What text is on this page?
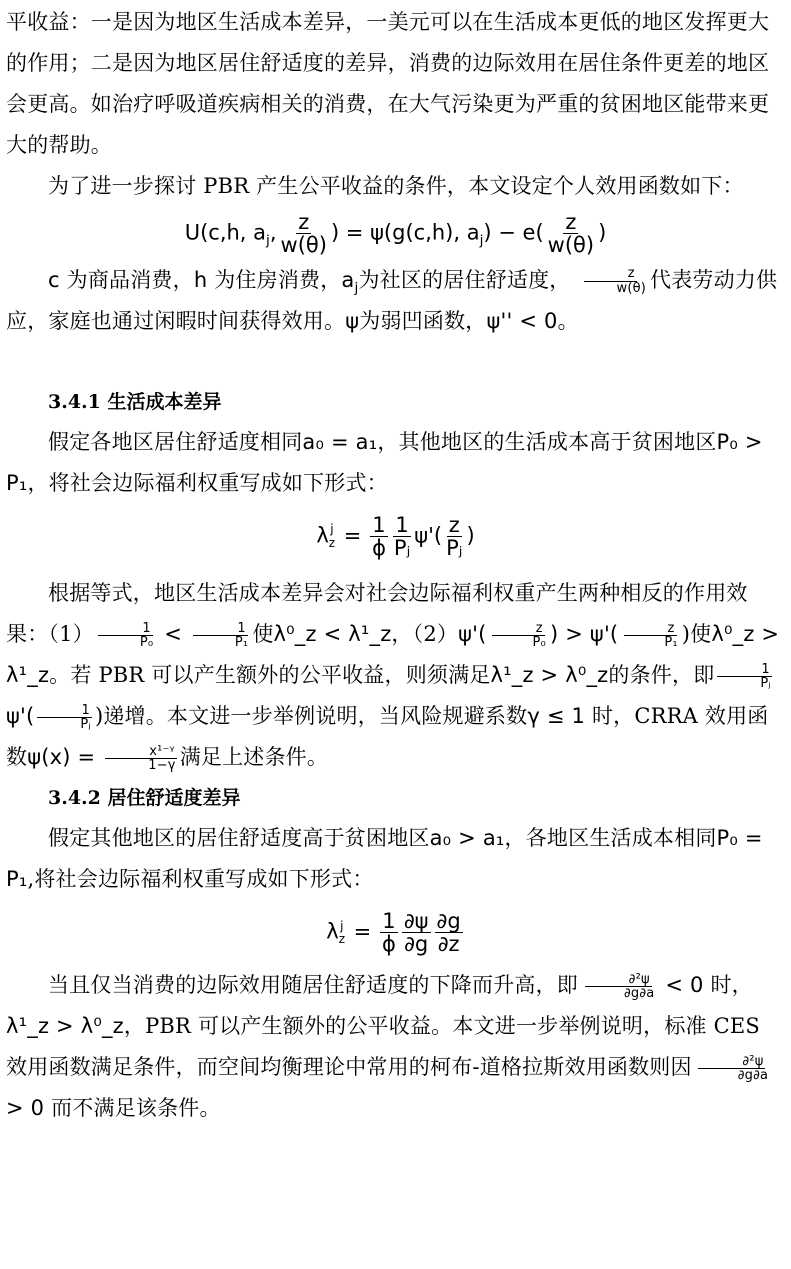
平收益：一是因为地区生活成本差异，一美元可以在生活成本更低的地区发挥更大的作用；二是因为地区居住舒适度的差异，消费的边际效用在居住条件更差的地区会更高。如治疗呼吸道疾病相关的消费，在大气污染更为严重的贫困地区能带来更大的帮助。

为了进一步探讨 PBR 产生公平收益的条件，本文设定个人效用函数如下：

U(c,h, $a_j$, $\frac{z}{w(\theta)}$ ) = ψ(g(c,h), $a_j) - e( \frac{z}{w(\theta)}$ )

c 为商品消费，h 为住房消费，$a_j$为社区的居住舒适度， $\frac{z}{w(\theta)}$ 代表劳动力供应，家庭也通过闲暇时间获得效用。ψ为弱凹函数，ψ'' < 0。

3.4.1 生活成本差异

假定各地区居住舒适度相同a₀ = a₁，其他地区的生活成本高于贫困地区P₀ > P₁，将社会边际福利权重写成如下形式：

λ j
$z = \frac{1}{\phi} \frac{1}{\text{Pⱼ}} \psi'( \frac{z}{\text{Pⱼ}}$ )

根据等式，地区生活成本差异会对社会边际福利权重产生两种相反的作用效果：$(1) \frac{1}{\text{P₀}} < \frac{1}{\text{P₁}}$ 使λ⁰_z < λ¹_z，$(2)\psi'( \frac{z}{\text{P₀}}$ ) > $\psi'( \frac{z}{\text{P₁}}$ )使λ⁰_z > λ¹_z。若 PBR 可以产生额外的公平收益，则须满足λ¹_z > λ⁰_z的条件，即 $\frac{1}{\text{Pⱼ}}$
$\psi'( \frac{1}{\text{Pⱼ}}$ )递增。本文进一步举例说明，当风险规避系数γ ≤ 1 时，CRRA 效用函数$\psi(x) = \frac{\text{x¹⁻ᵞ}}{1-\gamma}$ 满足上述条件。

3.4.2 居住舒适度差异

假定其他地区的居住舒适度高于贫困地区a₀ > a₁，各地区生活成本相同P₀ = P₁,将社会边际福利权重写成如下形式：

λ j
$z = \frac{1}{\phi} \frac{\partial\psi}{\partial g} \frac{\partial g}{\partial z}$

当且仅当消费的边际效用随居住舒适度的下降而升高，即 $\frac{\text{∂²ψ}}{\partial g\partial a} < 0$ 时，λ¹_z > λ⁰_z，PBR 可以产生额外的公平收益。本文进一步举例说明，标准 CES 效用函数满足条件，而空间均衡理论中常用的柯布-道格拉斯效用函数则因 $\frac{\text{∂²ψ}}{\partial g\partial a}$
> 0 而不满足该条件。
